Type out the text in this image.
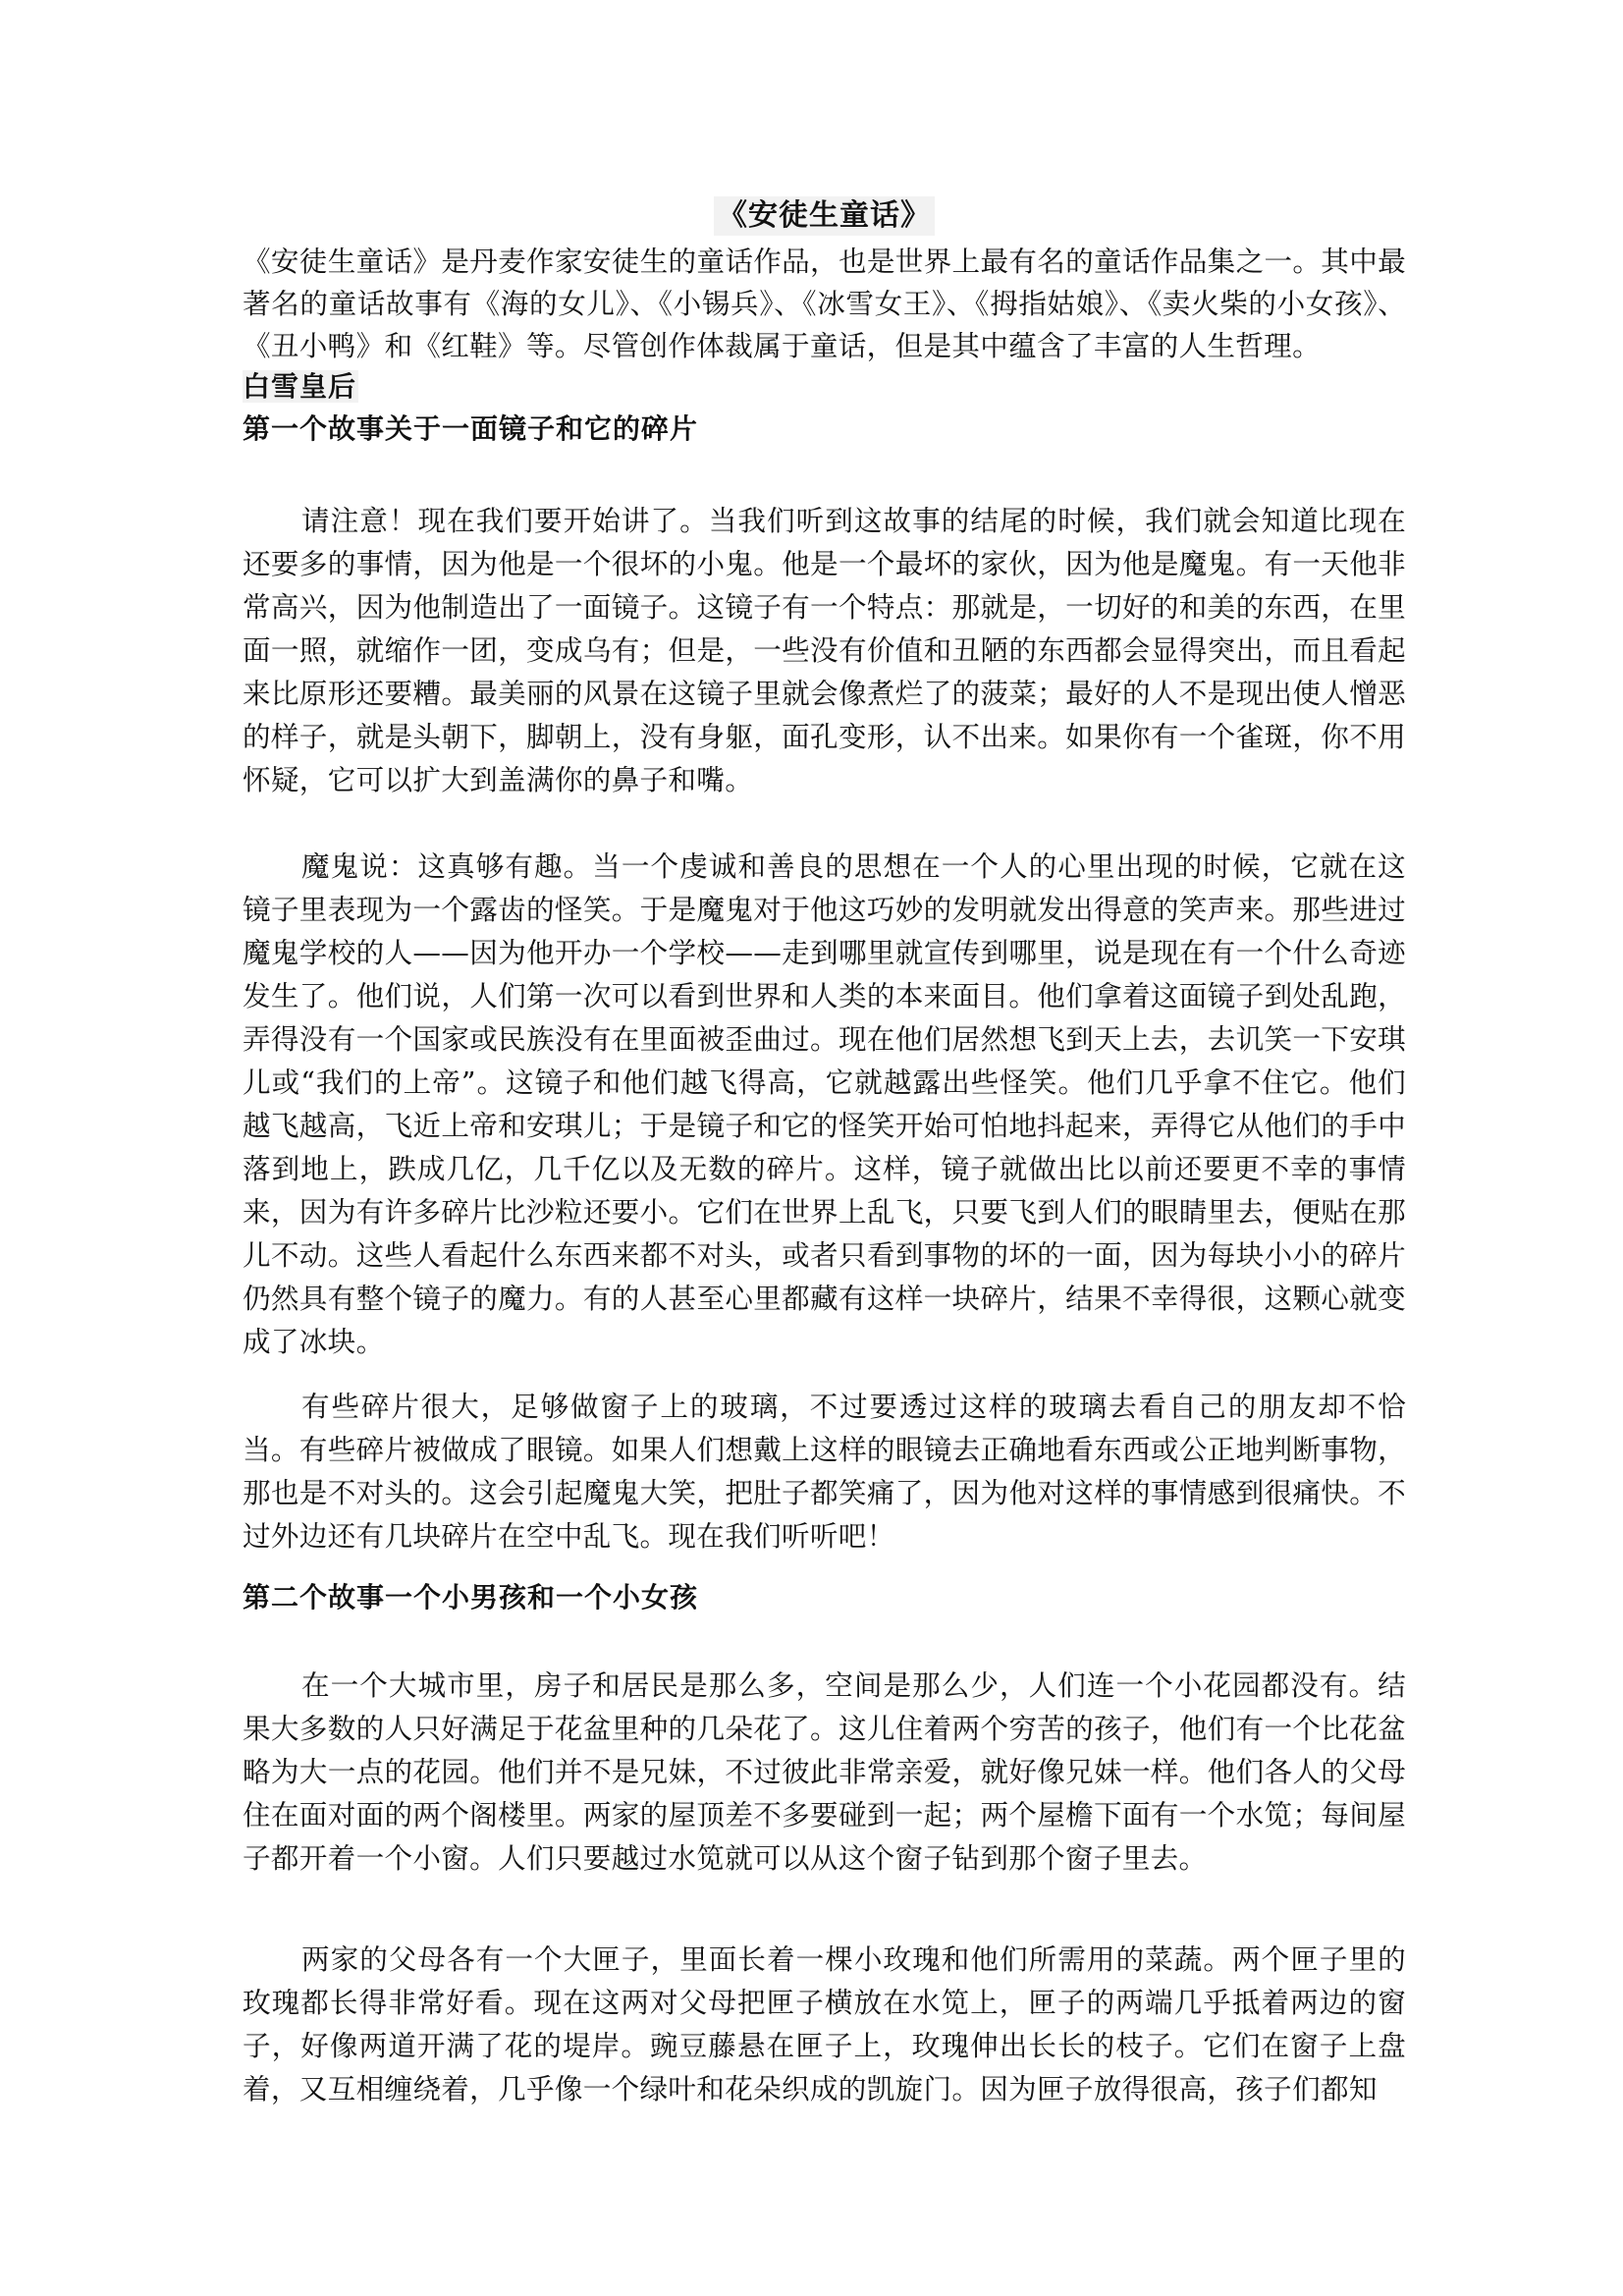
《安徒生童话》
《安徒生童话》是丹麦作家安徒生的童话作品，也是世界上最有名的童话作品集之一。其中最著名的童话故事有《海的女儿》、《小锡兵》、《冰雪女王》、《拇指姑娘》、《卖火柴的小女孩》、《丑小鸭》和《红鞋》等。尽管创作体裁属于童话，但是其中蕴含了丰富的人生哲理。
白雪皇后
第一个故事关于一面镜子和它的碎片
请注意！现在我们要开始讲了。当我们听到这故事的结尾的时候，我们就会知道比现在还要多的事情，因为他是一个很坏的小鬼。他是一个最坏的家伙，因为他是魔鬼。有一天他非常高兴，因为他制造出了一面镜子。这镜子有一个特点：那就是，一切好的和美的东西，在里面一照，就缩作一团，变成乌有；但是，一些没有价值和丑陋的东西都会显得突出，而且看起来比原形还要糟。最美丽的风景在这镜子里就会像煮烂了的菠菜；最好的人不是现出使人憎恶的样子，就是头朝下，脚朝上，没有身躯，面孔变形，认不出来。如果你有一个雀斑，你不用怀疑，它可以扩大到盖满你的鼻子和嘴。
魔鬼说：这真够有趣。当一个虔诚和善良的思想在一个人的心里出现的时候，它就在这镜子里表现为一个露齿的怪笑。于是魔鬼对于他这巧妙的发明就发出得意的笑声来。那些进过魔鬼学校的人——因为他开办一个学校——走到哪里就宣传到哪里，说是现在有一个什么奇迹发生了。他们说，人们第一次可以看到世界和人类的本来面目。他们拿着这面镜子到处乱跑，弄得没有一个国家或民族没有在里面被歪曲过。现在他们居然想飞到天上去，去讥笑一下安琪儿或“我们的上帝”。这镜子和他们越飞得高，它就越露出些怪笑。他们几乎拿不住它。他们越飞越高，飞近上帝和安琪儿；于是镜子和它的怪笑开始可怕地抖起来，弄得它从他们的手中落到地上，跌成几亿，几千亿以及无数的碎片。这样，镜子就做出比以前还要更不幸的事情来，因为有许多碎片比沙粒还要小。它们在世界上乱飞，只要飞到人们的眼睛里去，便贴在那儿不动。这些人看起什么东西来都不对头，或者只看到事物的坏的一面，因为每块小小的碎片仍然具有整个镜子的魔力。有的人甚至心里都藏有这样一块碎片，结果不幸得很，这颗心就变成了冰块。
有些碎片很大，足够做窗子上的玻璃，不过要透过这样的玻璃去看自己的朋友却不恰当。有些碎片被做成了眼镜。如果人们想戴上这样的眼镜去正确地看东西或公正地判断事物，那也是不对头的。这会引起魔鬼大笑，把肚子都笑痛了，因为他对这样的事情感到很痛快。不过外边还有几块碎片在空中乱飞。现在我们听听吧！
第二个故事一个小男孩和一个小女孩
在一个大城市里，房子和居民是那么多，空间是那么少，人们连一个小花园都没有。结果大多数的人只好满足于花盆里种的几朵花了。这儿住着两个穷苦的孩子，他们有一个比花盆略为大一点的花园。他们并不是兄妹，不过彼此非常亲爱，就好像兄妹一样。他们各人的父母住在面对面的两个阁楼里。两家的屋顶差不多要碰到一起；两个屋檐下面有一个水笕；每间屋子都开着一个小窗。人们只要越过水笕就可以从这个窗子钻到那个窗子里去。
两家的父母各有一个大匣子，里面长着一棵小玫瑰和他们所需用的菜蔬。两个匣子里的玫瑰都长得非常好看。现在这两对父母把匣子横放在水笕上，匣子的两端几乎抵着两边的窗子，好像两道开满了花的堤岸。豌豆藤悬在匣子上，玫瑰伸出长长的枝子。它们在窗子上盘着，又互相缠绕着，几乎像一个绿叶和花朵织成的凯旋门。因为匣子放得很高，孩子们都知
